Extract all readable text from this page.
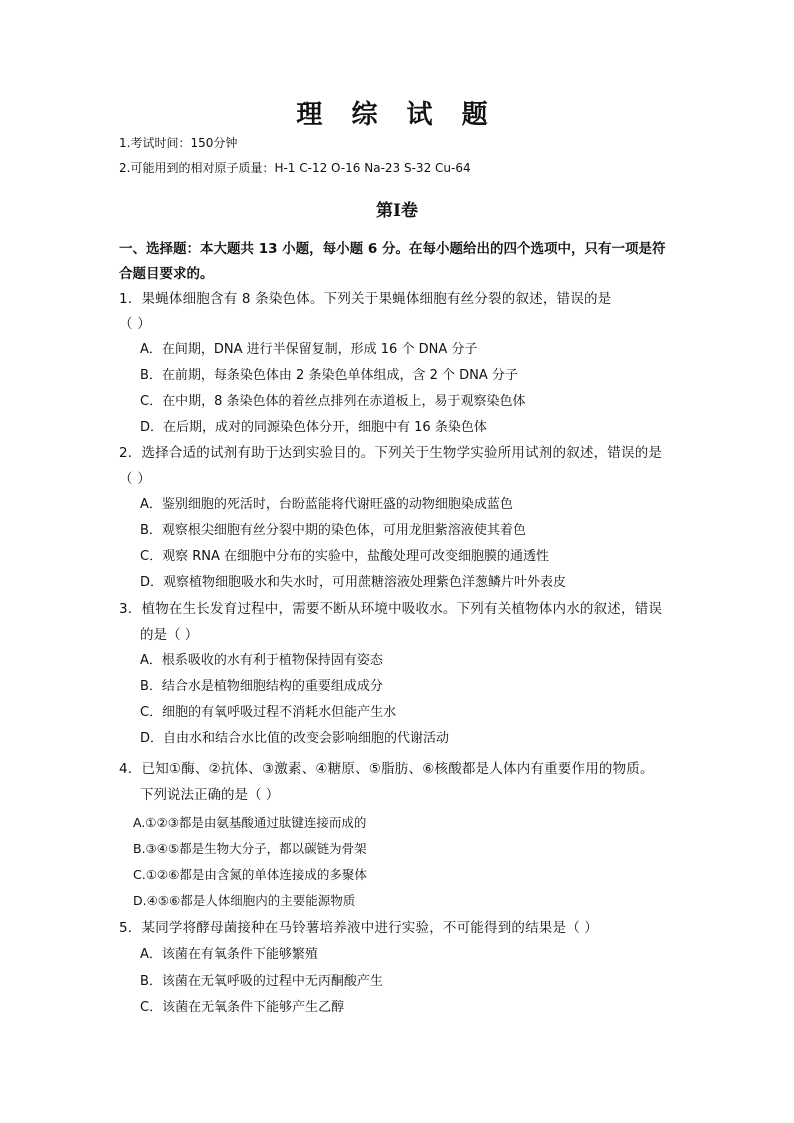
理 综 试 题
1.考试时间：150分钟
2.可能用到的相对原子质量：H-1 C-12 O-16 Na-23 S-32 Cu-64
第Ⅰ卷
一、选择题：本大题共 13 小题，每小题 6 分。在每小题给出的四个选项中，只有一项是符
合题目要求的。
1．果蝇体细胞含有 8 条染色体。下列关于果蝇体细胞有丝分裂的叙述，错误的是
（ ）
A．在间期，DNA 进行半保留复制，形成 16 个 DNA 分子
B．在前期，每条染色体由 2 条染色单体组成，含 2 个 DNA 分子
C．在中期，8 条染色体的着丝点排列在赤道板上，易于观察染色体
D．在后期，成对的同源染色体分开，细胞中有 16 条染色体
2．选择合适的试剂有助于达到实验目的。下列关于生物学实验所用试剂的叙述，错误的是
（ ）
A．鉴别细胞的死活时，台盼蓝能将代谢旺盛的动物细胞染成蓝色
B．观察根尖细胞有丝分裂中期的染色体，可用龙胆紫溶液使其着色
C．观察 RNA 在细胞中分布的实验中，盐酸处理可改变细胞膜的通透性
D．观察植物细胞吸水和失水时，可用蔗糖溶液处理紫色洋葱鳞片叶外表皮
3．植物在生长发育过程中，需要不断从环境中吸收水。下列有关植物体内水的叙述，错误
的是（ ）
A．根系吸收的水有利于植物保持固有姿态
B．结合水是植物细胞结构的重要组成成分
C．细胞的有氧呼吸过程不消耗水但能产生水
D．自由水和结合水比值的改变会影响细胞的代谢活动
4．已知①酶、②抗体、③激素、④糖原、⑤脂肪、⑥核酸都是人体内有重要作用的物质。
下列说法正确的是（ ）
A.①②③都是由氨基酸通过肽键连接而成的
B.③④⑤都是生物大分子，都以碳链为骨架
C.①②⑥都是由含氮的单体连接成的多聚体
D.④⑤⑥都是人体细胞内的主要能源物质
5．某同学将酵母菌接种在马铃薯培养液中进行实验，不可能得到的结果是（ ）
A．该菌在有氧条件下能够繁殖
B．该菌在无氧呼吸的过程中无丙酮酸产生
C．该菌在无氧条件下能够产生乙醇
